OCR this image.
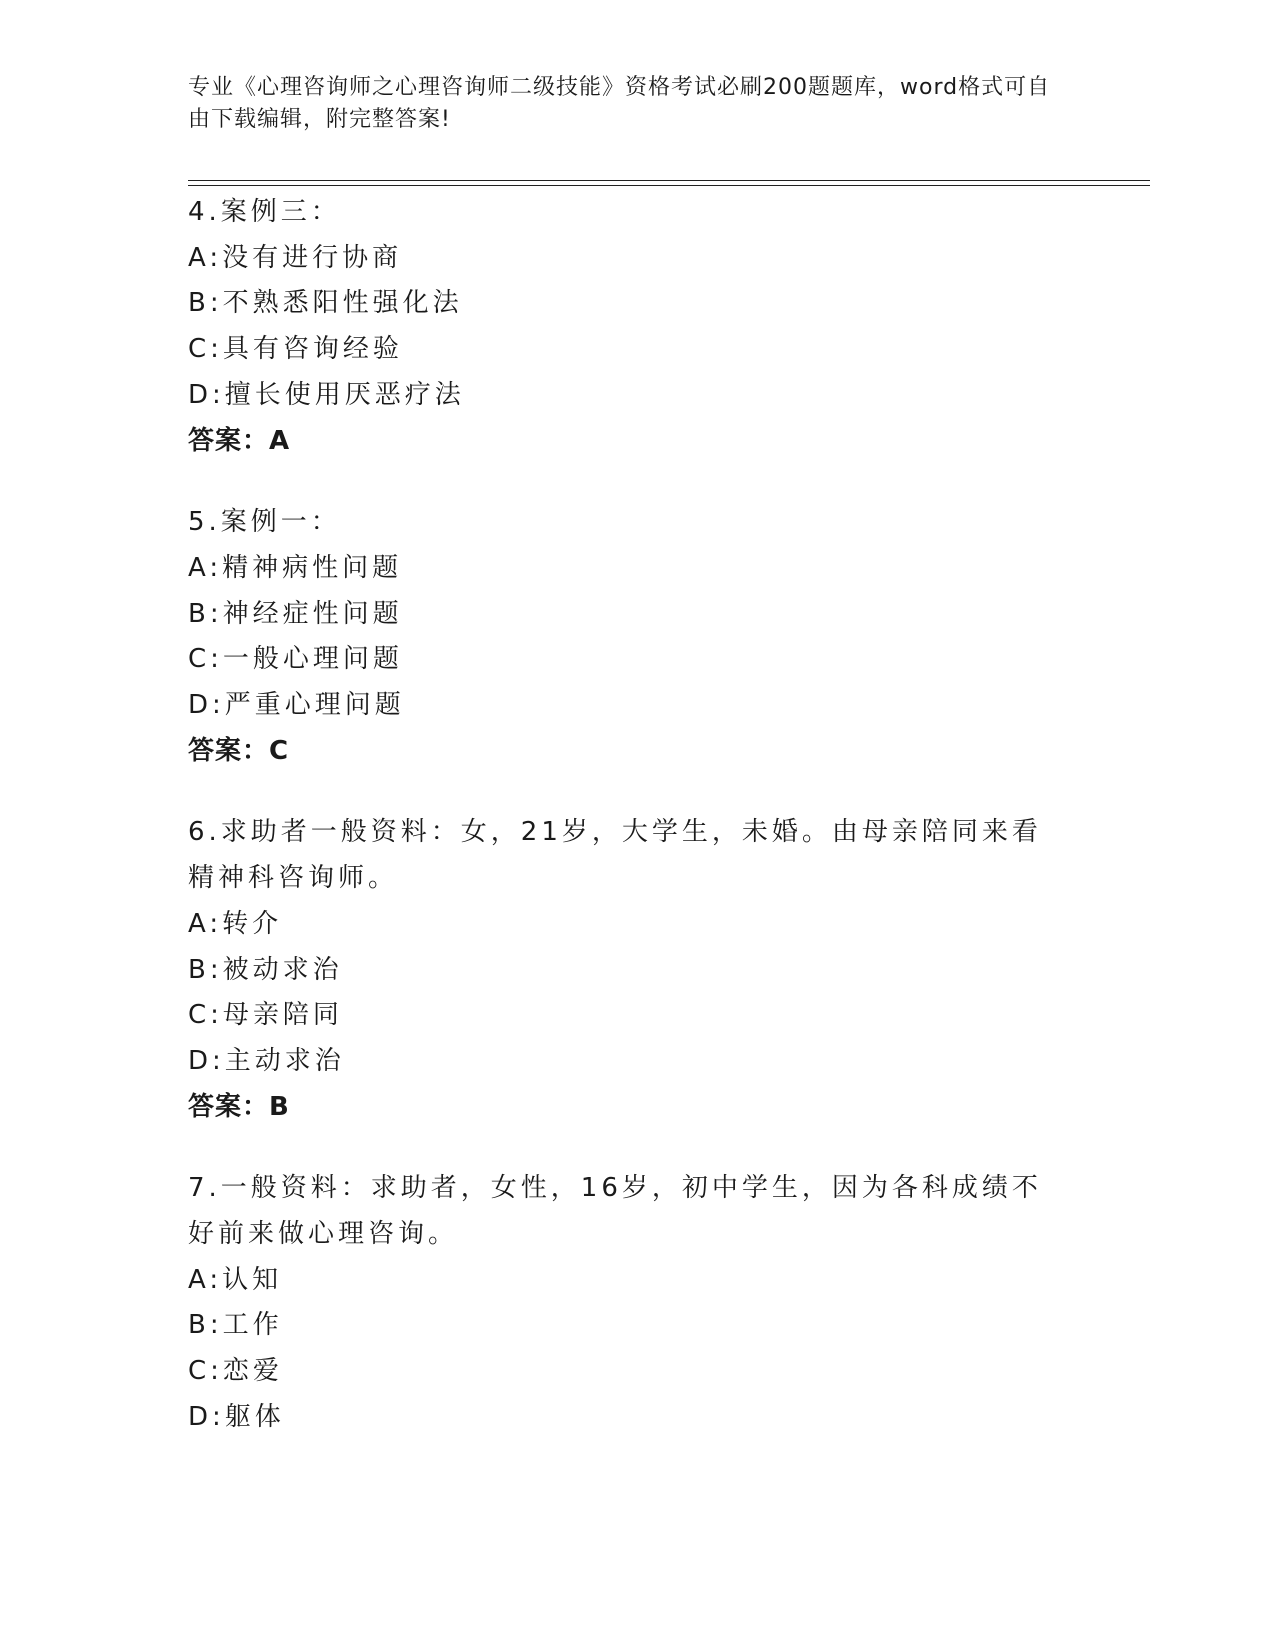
专业《心理咨询师之心理咨询师二级技能》资格考试必刷200题题库，word格式可自由下载编辑，附完整答案!
4.案例三：
A:没有进行协商
B:不熟悉阳性强化法
C:具有咨询经验
D:擅长使用厌恶疗法
答案：A
5.案例一：
A:精神病性问题
B:神经症性问题
C:一般心理问题
D:严重心理问题
答案：C
6.求助者一般资料：女，21岁，大学生，未婚。由母亲陪同来看精神科咨询师。
A:转介
B:被动求治
C:母亲陪同
D:主动求治
答案：B
7.一般资料：求助者，女性，16岁，初中学生，因为各科成绩不好前来做心理咨询。
A:认知
B:工作
C:恋爱
D:躯体
